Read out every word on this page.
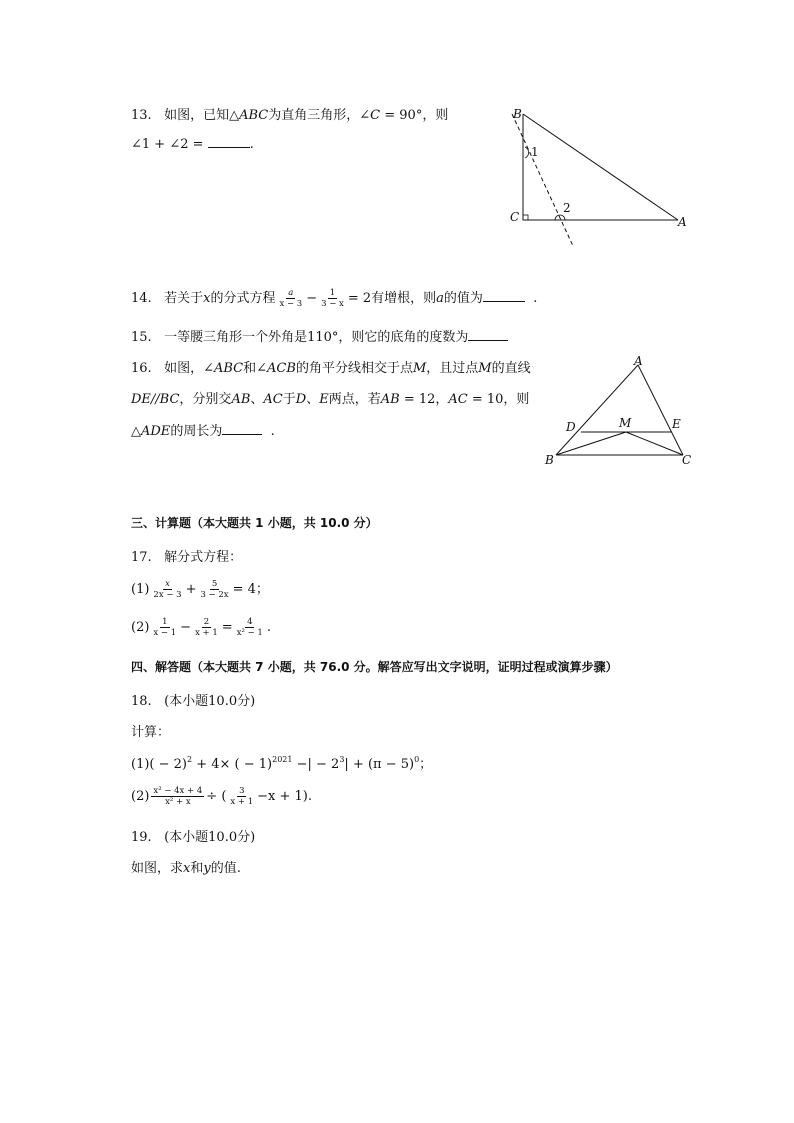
13. 如图，已知△ABC为直角三角形，∠C = 90°，则
∠1 + ∠2 =	.
B
C	A
1
2
14. 若关于x的分式方程 $\frac{a}{x - 3} - \frac{1}{3 - x} = 2$有增根，则a的值为	.
15. 一等腰三角形一个外角是110°，则它的底角的度数为
16. 如图，∠ABC和∠ACB的角平分线相交于点M，且过点M的直线
DE//BC，分别交AB、AC于D、E两点，若AB = 12，AC = 10，则
△ADE的周长为	.
A
D	M	E
B	C
三、计算题（本大题共 1 小题，共 10.0 分）
17. 解分式方程：
$(1) \frac{x}{2x - 3} + \frac{5}{3 - 2x} = 4$；
$(2) \frac{1}{x - 1} - \frac{2}{x + 1} = \frac{4}{\text{x² − 1}}$ .
四、解答题（本大题共 7 小题，共 76.0 分。解答应写出文字说明，证明过程或演算步骤）
18. (本小题10.0分)
计算：
$(1)( - 2)^2 + 4\times$ ( − 1)$^{2021}$ −| − $2^3| + (\pi - 5)^0$；
$(2) \frac{\text{x² − 4x + 4}}{\text{x² + x}}$ ÷ ( $\frac{3}{x + 1} -x + 1$).
19. (本小题10.0分)
如图，求x和y的值.
